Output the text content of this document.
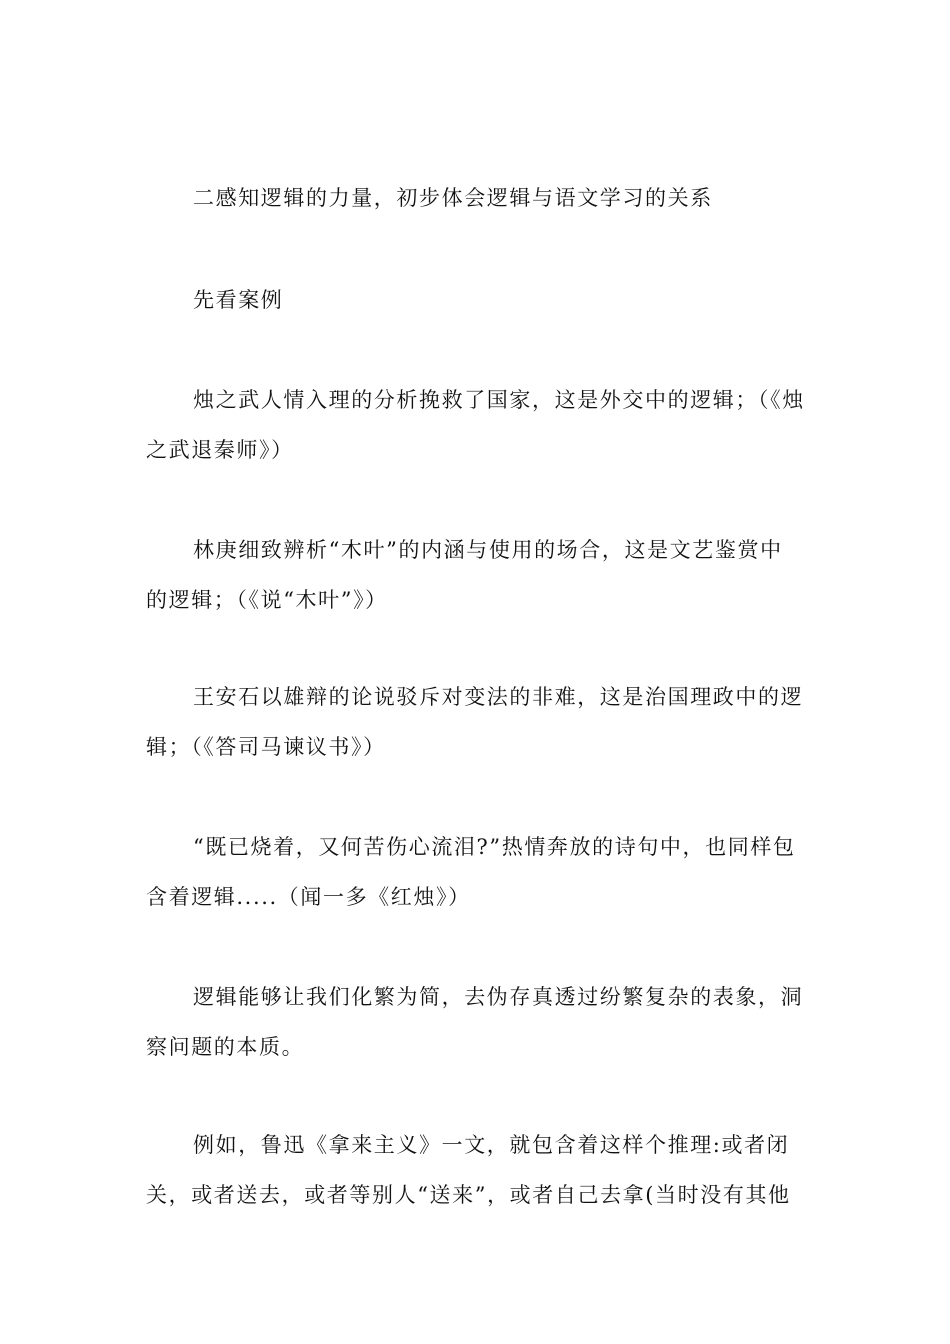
二感知逻辑的力量，初步体会逻辑与语文学习的关系

先看案例

烛之武人情入理的分析挽救了国家，这是外交中的逻辑；（《烛
之武退秦师》）

林庚细致辨析“木叶”的内涵与使用的场合，这是文艺鉴赏中
的逻辑；（《说“木叶”》）

王安石以雄辩的论说驳斥对变法的非难，这是治国理政中的逻
辑；（《答司马谏议书》）

“既已烧着，又何苦伤心流泪?”热情奔放的诗句中，也同样包
含着逻辑.....（闻一多《红烛》）

逻辑能够让我们化繁为简，去伪存真透过纷繁复杂的表象，洞
察问题的本质。

例如，鲁迅《拿来主义》一文，就包含着这样个推理:或者闭
关，或者送去，或者等别人“送来”，或者自己去拿(当时没有其他
